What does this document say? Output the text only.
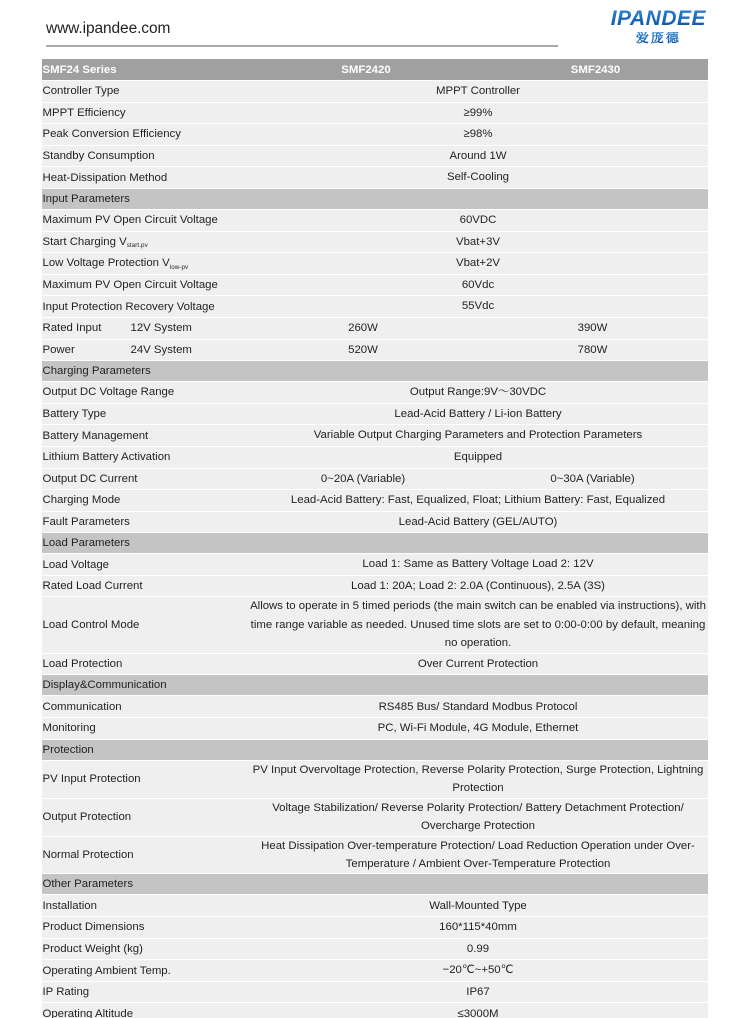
www.ipandee.com	IPANDEE
爱庞德
SMF24 Series		SMF2420	SMF2430
Controller Type		MPPT Controller	
MPPT Efficiency		≥99%	
Peak Conversion Efficiency		≥98%	
Standby Consumption		Around 1W	
Heat-Dissipation Method		Self-Cooling	
Input Parameters			
Maximum PV Open Circuit Voltage		60VDC	
Start Charging $V_{start.pv}$		Vbat+3V	
Low Voltage Protection $V_{low-pv}$		Vbat+2V	
Maximum PV Open Circuit Voltage		60Vdc	
Input Protection Recovery Voltage		55Vdc	
Rated Input	12V System	260W	390W
Power	24V System	520W	780W
Charging Parameters			
Output DC Voltage Range		Output Range:9V～30VDC	
Battery Type		Lead-Acid Battery / Li-ion Battery	
Battery Management		Variable Output Charging Parameters and Protection Parameters	
Lithium Battery Activation		Equipped	
Output DC Current		0~20A (Variable)	0~30A (Variable)
Charging Mode		Lead-Acid Battery: Fast, Equalized, Float; Lithium Battery: Fast, Equalized	
Fault Parameters		Lead-Acid Battery (GEL/AUTO)	
Load Parameters			
Load Voltage		Load 1: Same as Battery Voltage Load 2: 12V	
Rated Load Current		Load 1: 20A; Load 2: 2.0A (Continuous), 2.5A (3S)	
Load Control Mode		Allows to operate in 5 timed periods (the main switch can be enabled via instructions), with time range variable as needed. Unused time slots are set to 0:00-0:00 by default, meaning no operation.	
Load Protection		Over Current Protection	
Display&Communication			
Communication		RS485 Bus/ Standard Modbus Protocol	
Monitoring		PC, Wi-Fi Module, 4G Module, Ethernet	
Protection			
PV Input Protection		PV Input Overvoltage Protection, Reverse Polarity Protection, Surge Protection, Lightning Protection	
Output Protection		Voltage Stabilization/ Reverse Polarity Protection/ Battery Detachment Protection/ Overcharge Protection	
Normal Protection		Heat Dissipation Over-temperature Protection/ Load Reduction Operation under Over-Temperature / Ambient Over-Temperature Protection	
Other Parameters			
Installation		Wall-Mounted Type	
Product Dimensions		160*115*40mm	
Product Weight (kg)		0.99	
Operating Ambient Temp.		−20℃~+50℃	
IP Rating		IP67	
Operating Altitude		≤3000M	
